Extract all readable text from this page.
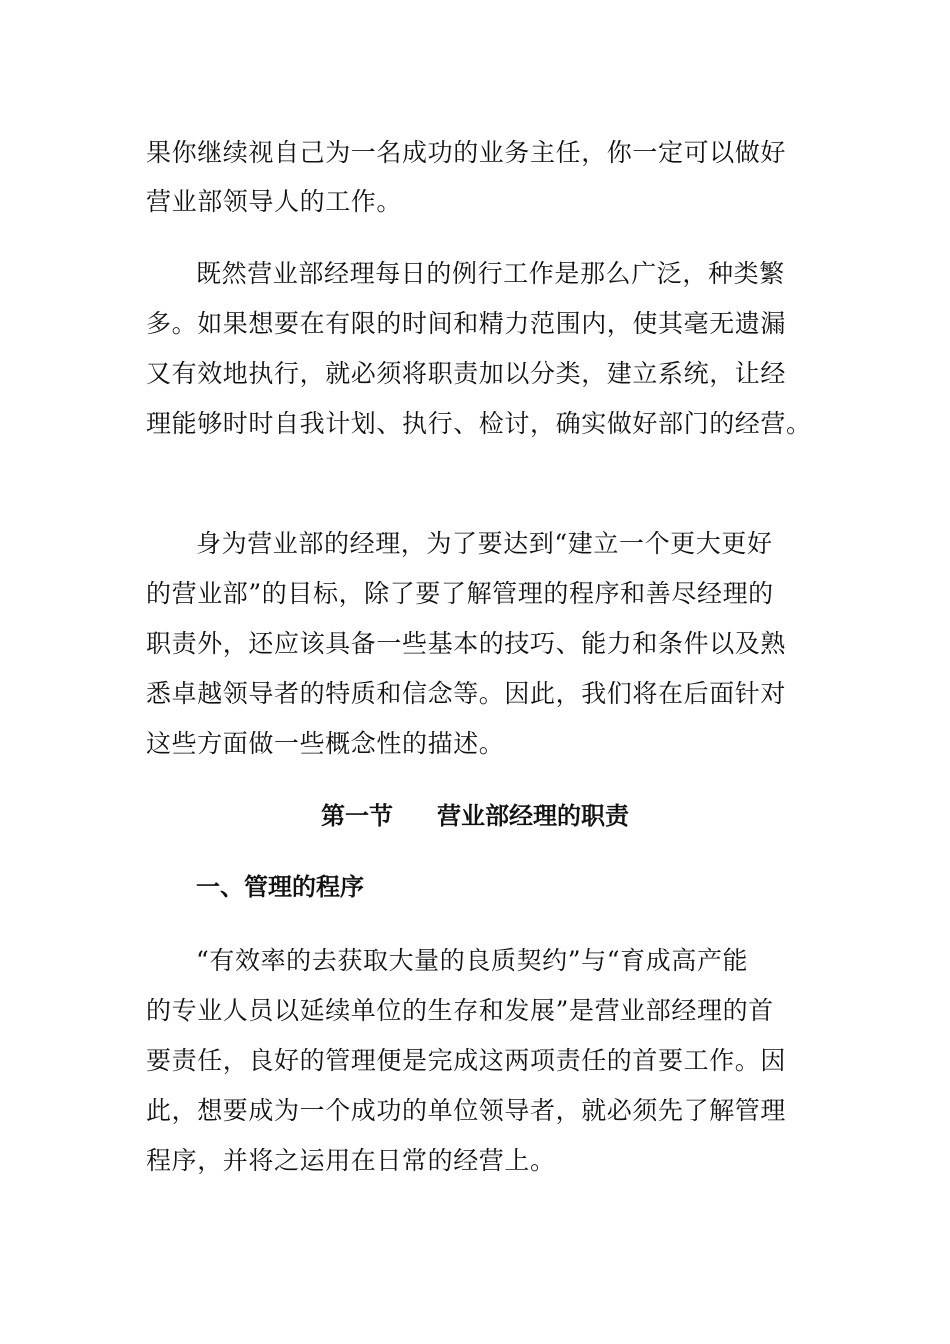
果你继续视自己为一名成功的业务主任，你一定可以做好
营业部领导人的工作。
既然营业部经理每日的例行工作是那么广泛，种类繁
多。如果想要在有限的时间和精力范围内，使其毫无遗漏
又有效地执行，就必须将职责加以分类，建立系统，让经
理能够时时自我计划、执行、检讨，确实做好部门的经营。
身为营业部的经理，为了要达到“建立一个更大更好
的营业部”的目标，除了要了解管理的程序和善尽经理的
职责外，还应该具备一些基本的技巧、能力和条件以及熟
悉卓越领导者的特质和信念等。因此，我们将在后面针对
这些方面做一些概念性的描述。
第一节 营业部经理的职责
一、管理的程序
“有效率的去获取大量的良质契约”与“育成高产能
的专业人员以延续单位的生存和发展”是营业部经理的首
要责任，良好的管理便是完成这两项责任的首要工作。因
此，想要成为一个成功的单位领导者，就必须先了解管理
程序，并将之运用在日常的经营上。
